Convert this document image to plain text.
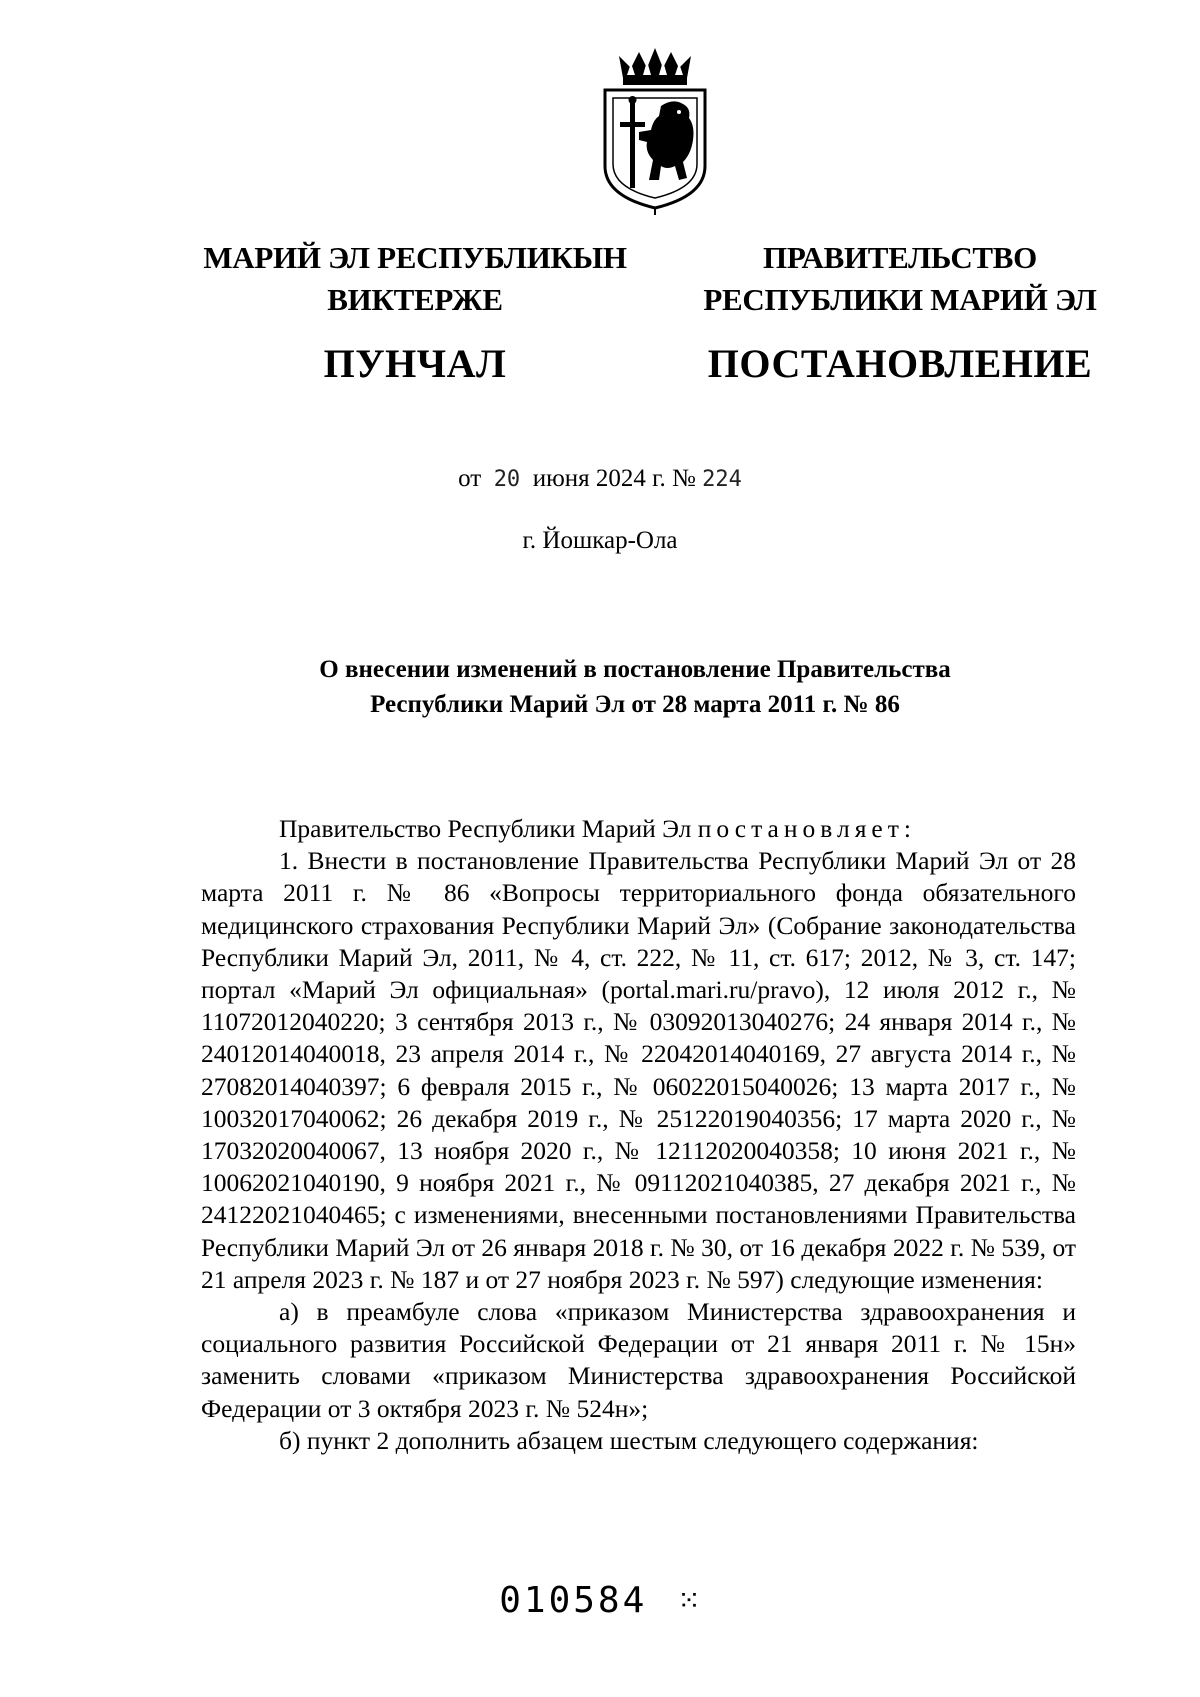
МАРИЙ ЭЛ РЕСПУБЛИКЫН
ВИКТЕРЖЕ
ПУНЧАЛ
ПРАВИТЕЛЬСТВО
РЕСПУБЛИКИ МАРИЙ ЭЛ
ПОСТАНОВЛЕНИЕ
от 20 июня 2024 г. № 224
г. Йошкар-Ола
О внесении изменений в постановление Правительства
Республики Марий Эл от 28 марта 2011 г. № 86

Правительство Республики Марий Эл постановляет:

1. Внести в постановление Правительства Республики Марий Эл от 28 марта 2011 г. № 86 «Вопросы территориального фонда обязательного медицинского страхования Республики Марий Эл» (Собрание законодательства Республики Марий Эл, 2011, № 4, ст. 222, № 11, ст. 617; 2012, № 3, ст. 147; портал «Марий Эл официальная» (portal.mari.ru/pravo), 12 июля 2012 г., № 11072012040220; 3 сентября 2013 г., № 03092013040276; 24 января 2014 г., № 24012014040018, 23 апреля 2014 г., № 22042014040169, 27 августа 2014 г., № 27082014040397; 6 февраля 2015 г., № 06022015040026; 13 марта 2017 г., № 10032017040062; 26 декабря 2019 г., № 25122019040356; 17 марта 2020 г., № 17032020040067, 13 ноября 2020 г., № 12112020040358; 10 июня 2021 г., № 10062021040190, 9 ноября 2021 г., № 09112021040385, 27 декабря 2021 г., № 24122021040465; с изменениями, внесенными постановлениями Правительства Республики Марий Эл от 26 января 2018 г. № 30, от 16 декабря 2022 г. № 539, от 21 апреля 2023 г. № 187 и от 27 ноября 2023 г. № 597) следующие изменения:

а) в преамбуле слова «приказом Министерства здравоохранения и социального развития Российской Федерации от 21 января 2011 г. № 15н» заменить словами «приказом Министерства здравоохранения Российской Федерации от 3 октября 2023 г. № 524н»;

б) пункт 2 дополнить абзацем шестым следующего содержания:

010584 ⁙
